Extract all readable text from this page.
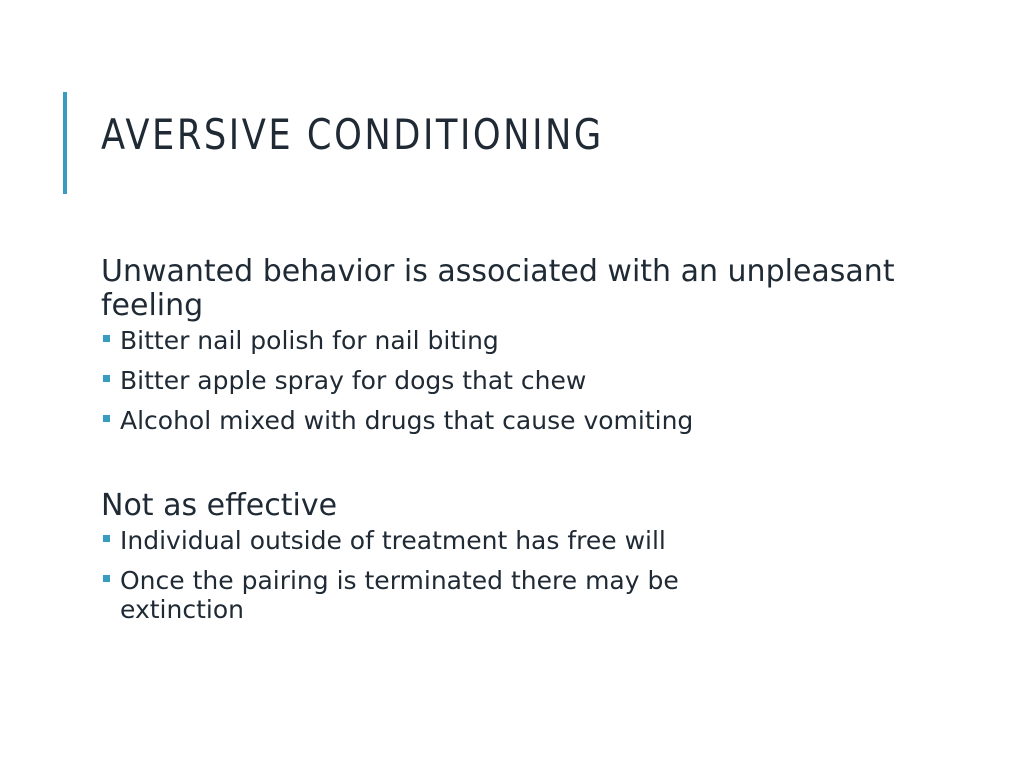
AVERSIVE CONDITIONING

Unwanted behavior is associated with an unpleasant feeling

Bitter nail polish for nail biting
Bitter apple spray for dogs that chew
Alcohol mixed with drugs that cause vomiting

Not as effective

Individual outside of treatment has free will
Once the pairing is terminated there may be extinction
